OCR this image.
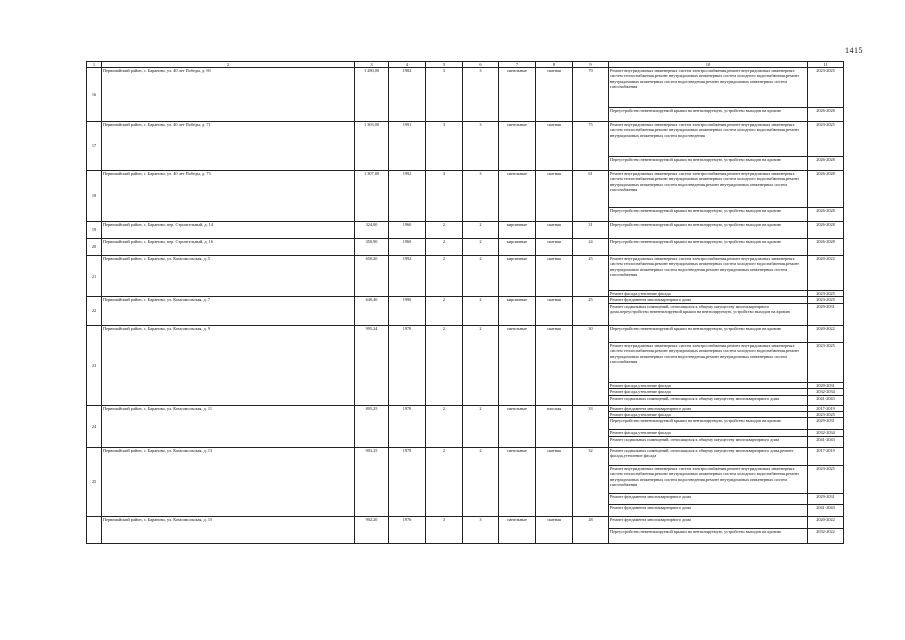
1415
1	2	3	4	5	6	7	8	9	10	11
16	Первомайский район, с. Бараново, ул. 40 лет Победы, д. 69	1 280,00	1982	3	3	панельные	скатная	79	Ремонт внутридомовых инженерных систем электроснабжения,ремонт внутридомовых инженерных систем теплоснабжения,ремонт внутридомовых инженерных систем холодного водоснабжения,ремонт внутридомовых инженерных систем водоотведения,ремонт внутридомовых инженерных систем газоснабжения	2023-2025
									Переустройство невентилируемой крыши на вентилируемую, устройство выходов на кровлю	2026-2028
17	Первомайский район, с. Бараново, ул. 40 лет Победы, д. 71	1 303,00	1991	3	3	панельные	скатная	75	Ремонт внутридомовых инженерных систем электроснабжения,ремонт внутридомовых инженерных систем теплоснабжения,ремонт внутридомовых инженерных систем холодного водоснабжения,ремонт внутридомовых инженерных систем водоотведения	2023-2025
									Переустройство невентилируемой крыши на вентилируемую, устройство выходов на кровлю	2026-2028
18	Первомайский район, с. Бараново, ул. 40 лет Победы, д. 73	1 307,00	1992	3	3	панельные	скатная	61	Ремонт внутридомовых инженерных систем электроснабжения,ремонт внутридомовых инженерных систем теплоснабжения,ремонт внутридомовых инженерных систем холодного водоснабжения,ремонт внутридомовых инженерных систем водоотведения,ремонт внутридомовых инженерных систем газоснабжения	2026-2028
									Переустройство невентилируемой крыши на вентилируемую, устройство выходов на кровлю	2026-2028
19	Первомайский район, с. Бараново, пер. Строительный, д. 14	324,00	1960	2	2	кирпичные	скатная	31	Переустройство невентилируемой крыши на вентилируемую, устройство выходов на кровлю	2026-2028
20	Первомайский район, с. Бараново, пер. Строительный, д. 16	350,90	1960	2	2	кирпичные	скатная	24	Переустройство невентилируемой крыши на вентилируемую, устройство выходов на кровлю	2026-2028
21	Первомайский район, с. Бараново, ул. Комсомольская, д. 5	650,20	1992	2	2	кирпичные	скатная	25	Ремонт внутридомовых инженерных систем электроснабжения,ремонт внутридомовых инженерных систем теплоснабжения,ремонт внутридомовых инженерных систем холодного водоснабжения,ремонт внутридомовых инженерных систем водоотведения,ремонт внутридомовых инженерных систем газоснабжения	2020-2022
									Ремонт фасада,утепление фасада	2023-2025
22	Первомайский район, с. Бараново, ул. Комсомольская, д. 7	640,40	1990	2	2	кирпичные	скатная	25	Ремонт фундамента многоквартирного дома	2023-2025
									Ремонт подвальных помещений, относящихся к общему имуществу многоквартирного дома,переустройство невентилируемой крыши на вентилируемую, устройство выходов на кровлю	2029-2031
23	Первомайский район, с. Бараново, ул. Комсомольская, д. 9	995,24	1978	2	2	панельные	скатная	30	Переустройство невентилируемой крыши на вентилируемую, устройство выходов на кровлю	2020-2022
									Ремонт внутридомовых инженерных систем электроснабжения,ремонт внутридомовых инженерных систем теплоснабжения,ремонт внутридомовых инженерных систем холодного водоснабжения,ремонт внутридомовых инженерных систем водоотведения,ремонт внутридомовых инженерных систем газоснабжения	2023-2025
									Ремонт фасада,утепление фасада	2029-2031
									Ремонт фасада,утепление фасада	2032-2034
									Ремонт подвальных помещений, относящихся к общему имуществу многоквартирного дома	2041-2043
24	Первомайский район, с. Бараново, ул. Комсомольская, д. 11	805,25	1978	2	2	панельные	плоская	33	Ремонт фундамента многоквартирного дома	2017-2019
									Ремонт фасада,утепление фасада	2023-2025
									Переустройство невентилируемой крыши на вентилируемую, устройство выходов на кровлю	2029-2031
									Ремонт фасада,утепление фасада	2032-2034
									Ремонт подвальных помещений, относящихся к общему имуществу многоквартирного дома	2041-2043
25	Первомайский район, с. Бараново, ул. Комсомольская, д. 13	903,25	1978	2	2	панельные	скатная	32	Ремонт подвальных помещений, относящихся к общему имуществу многоквартирного дома,ремонт фасада,утепление фасада	2017-2019
									Ремонт внутридомовых инженерных систем электроснабжения,ремонт внутридомовых инженерных систем теплоснабжения,ремонт внутридомовых инженерных систем холодного водоснабжения,ремонт внутридомовых инженерных систем водоотведения,ремонт внутридомовых инженерных систем газоснабжения	2023-2025
									Ремонт фундамента многоквартирного дома	2029-2031
									Ремонт фундамента многоквартирного дома	2041-2043
	Первомайский район, с. Бараново, ул. Комсомольская, д. 15	902,20	1976	3	3	панельные	скатная	28	Ремонт фундамента многоквартирного дома	2020-2022
									Переустройство невентилируемой крыши на вентилируемую, устройство выходов на кровлю	2032-2022
